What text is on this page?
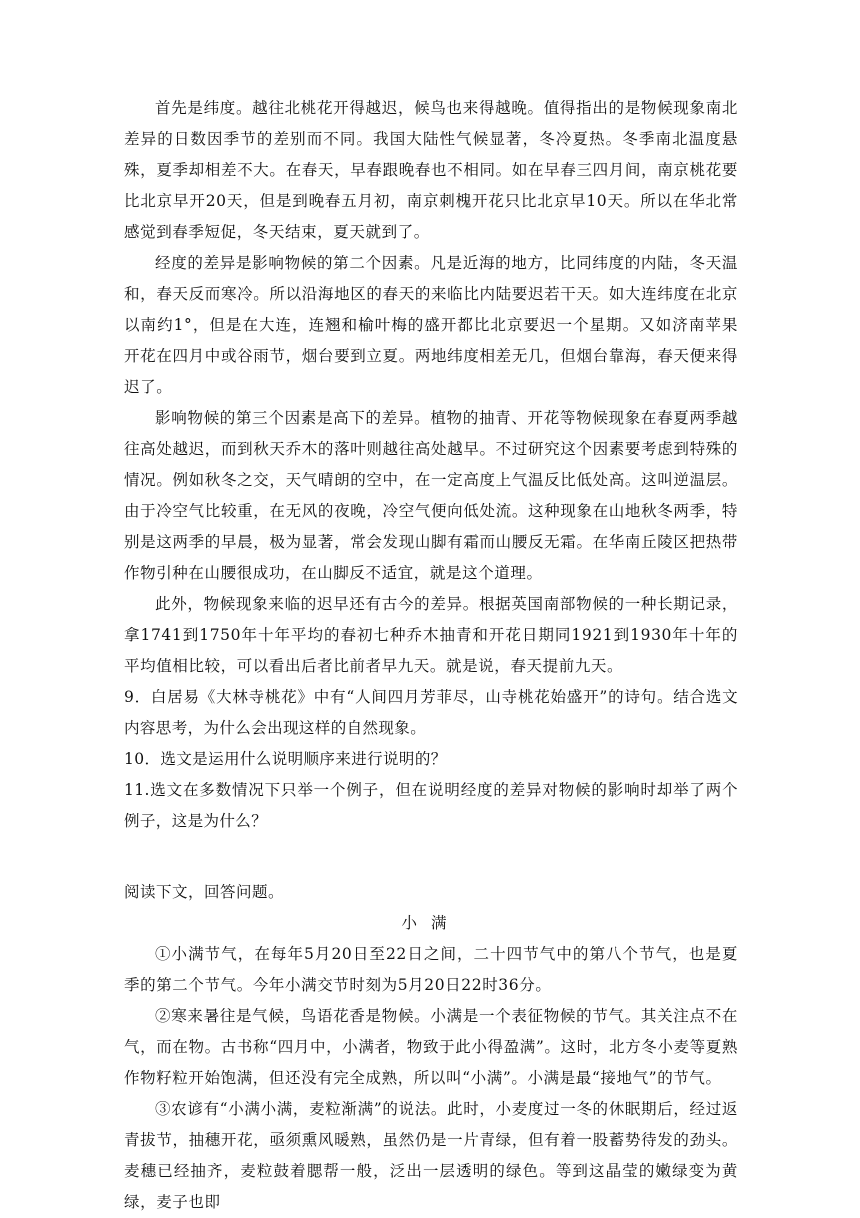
首先是纬度。越往北桃花开得越迟，候鸟也来得越晚。值得指出的是物候现象南北差异的日数因季节的差别而不同。我国大陆性气候显著，冬冷夏热。冬季南北温度悬殊，夏季却相差不大。在春天，早春跟晚春也不相同。如在早春三四月间，南京桃花要比北京早开20天，但是到晚春五月初，南京刺槐开花只比北京早10天。所以在华北常感觉到春季短促，冬天结束，夏天就到了。

经度的差异是影响物候的第二个因素。凡是近海的地方，比同纬度的内陆，冬天温和，春天反而寒冷。所以沿海地区的春天的来临比内陆要迟若干天。如大连纬度在北京以南约1°，但是在大连，连翘和榆叶梅的盛开都比北京要迟一个星期。又如济南苹果开花在四月中或谷雨节，烟台要到立夏。两地纬度相差无几，但烟台靠海，春天便来得迟了。

影响物候的第三个因素是高下的差异。植物的抽青、开花等物候现象在春夏两季越往高处越迟，而到秋天乔木的落叶则越往高处越早。不过研究这个因素要考虑到特殊的情况。例如秋冬之交，天气晴朗的空中，在一定高度上气温反比低处高。这叫逆温层。由于冷空气比较重，在无风的夜晚，冷空气便向低处流。这种现象在山地秋冬两季，特别是这两季的早晨，极为显著，常会发现山脚有霜而山腰反无霜。在华南丘陵区把热带作物引种在山腰很成功，在山脚反不适宜，就是这个道理。

此外，物候现象来临的迟早还有古今的差异。根据英国南部物候的一种长期记录，拿1741到1750年十年平均的春初七种乔木抽青和开花日期同1921到1930年十年的平均值相比较，可以看出后者比前者早九天。就是说，春天提前九天。

9．白居易《大林寺桃花》中有“人间四月芳菲尽，山寺桃花始盛开”的诗句。结合选文内容思考，为什么会出现这样的自然现象。

10．选文是运用什么说明顺序来进行说明的？

11.选文在多数情况下只举一个例子，但在说明经度的差异对物候的影响时却举了两个例子，这是为什么？

阅读下文，回答问题。

小满

①小满节气，在每年5月20日至22日之间，二十四节气中的第八个节气，也是夏季的第二个节气。今年小满交节时刻为5月20日22时36分。

②寒来暑往是气候，鸟语花香是物候。小满是一个表征物候的节气。其关注点不在气，而在物。古书称“四月中，小满者，物致于此小得盈满”。这时，北方冬小麦等夏熟作物籽粒开始饱满，但还没有完全成熟，所以叫“小满”。小满是最“接地气”的节气。

③农谚有“小满小满，麦粒渐满”的说法。此时，小麦度过一冬的休眠期后，经过返青拔节，抽穗开花，亟须熏风暖熟，虽然仍是一片青绿，但有着一股蓄势待发的劲头。麦穗已经抽齐，麦粒鼓着腮帮一般，泛出一层透明的绿色。等到这晶莹的嫩绿变为黄绿，麦子也即
